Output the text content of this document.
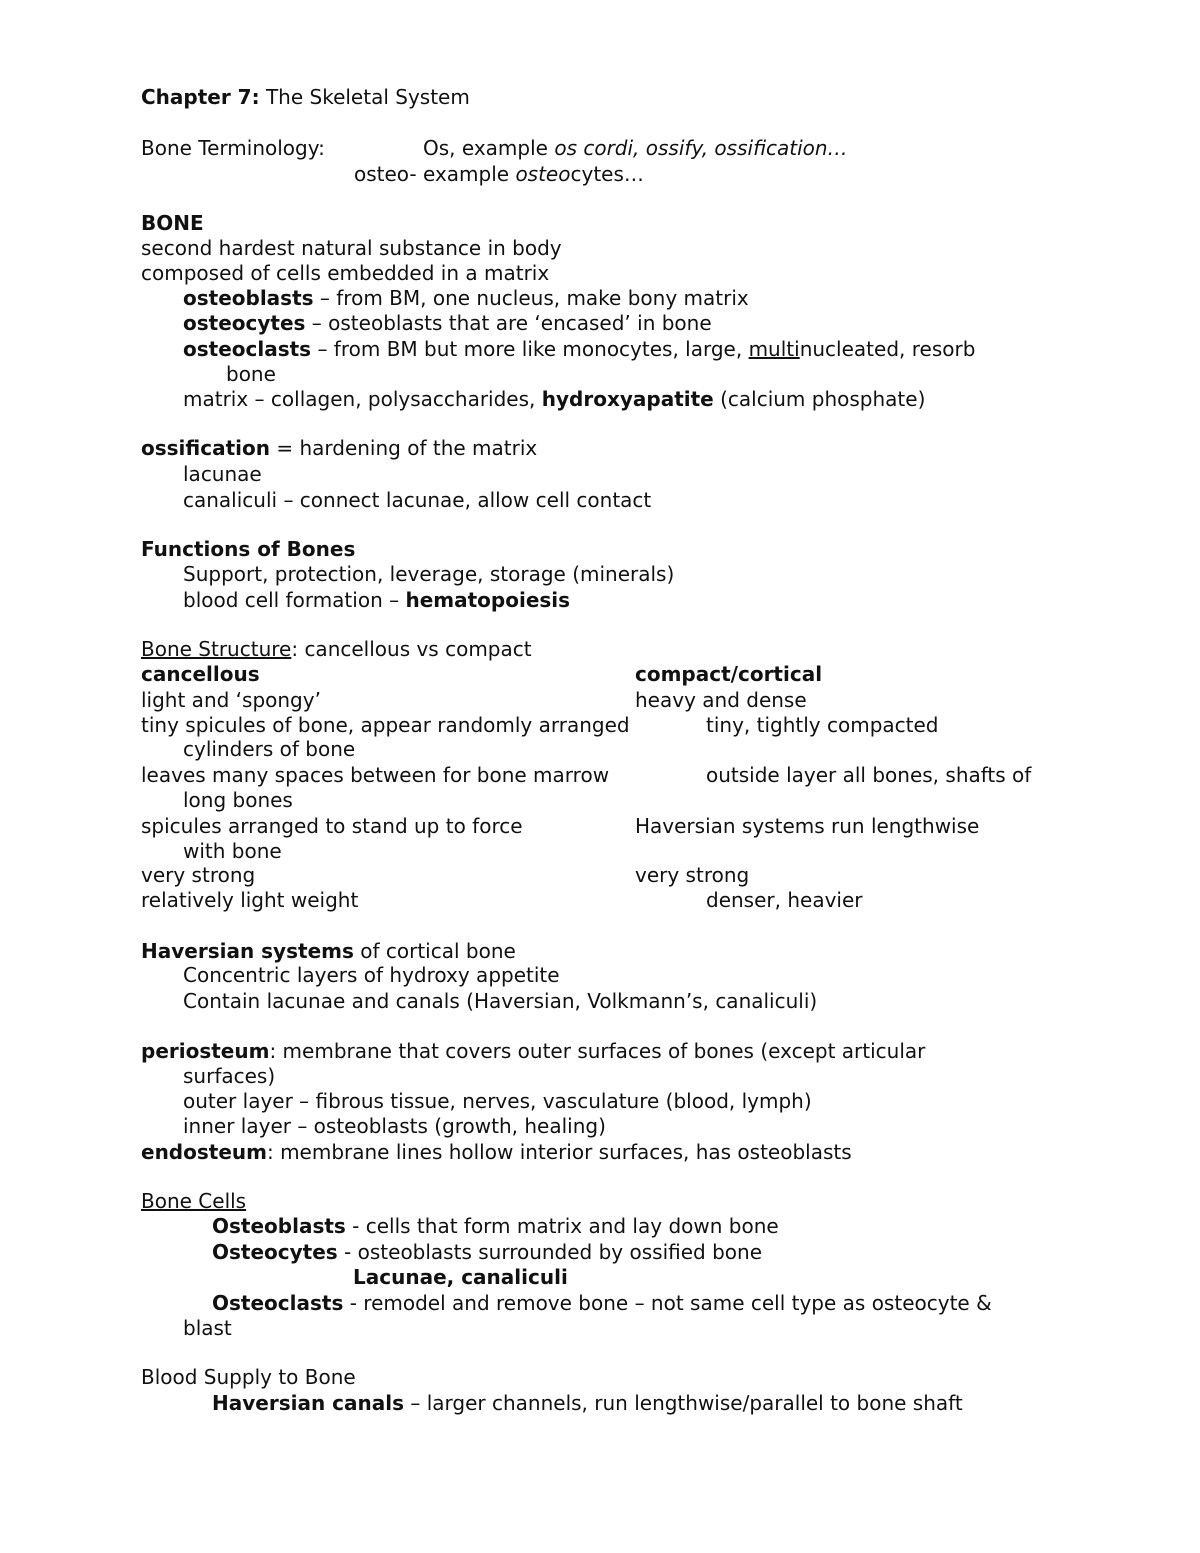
Chapter 7: The Skeletal System
Bone Terminology:	Os, example os cordi, ossify, ossification…
osteo- example osteocytes…
BONE
second hardest natural substance in body
composed of cells embedded in a matrix
osteoblasts – from BM, one nucleus, make bony matrix
osteocytes – osteoblasts that are ‘encased’ in bone
osteoclasts – from BM but more like monocytes, large, multinucleated, resorb
bone
matrix – collagen, polysaccharides, hydroxyapatite (calcium phosphate)
ossification = hardening of the matrix
lacunae
canaliculi – connect lacunae, allow cell contact
Functions of Bones
Support, protection, leverage, storage (minerals)
blood cell formation – hematopoiesis
Bone Structure: cancellous vs compact
cancellous	compact/cortical
light and ‘spongy’	heavy and dense
tiny spicules of bone, appear randomly arranged	tiny, tightly compacted
cylinders of bone
leaves many spaces between for bone marrow	outside layer all bones, shafts of
long bones
spicules arranged to stand up to force	Haversian systems run lengthwise
with bone
very strong	very strong
relatively light weight	denser, heavier
Haversian systems of cortical bone
Concentric layers of hydroxy appetite
Contain lacunae and canals (Haversian, Volkmann’s, canaliculi)
periosteum: membrane that covers outer surfaces of bones (except articular
surfaces)
outer layer – fibrous tissue, nerves, vasculature (blood, lymph)
inner layer – osteoblasts (growth, healing)
endosteum: membrane lines hollow interior surfaces, has osteoblasts
Bone Cells
Osteoblasts - cells that form matrix and lay down bone
Osteocytes - osteoblasts surrounded by ossified bone
Lacunae, canaliculi
Osteoclasts - remodel and remove bone – not same cell type as osteocyte &
blast
Blood Supply to Bone
Haversian canals – larger channels, run lengthwise/parallel to bone shaft
